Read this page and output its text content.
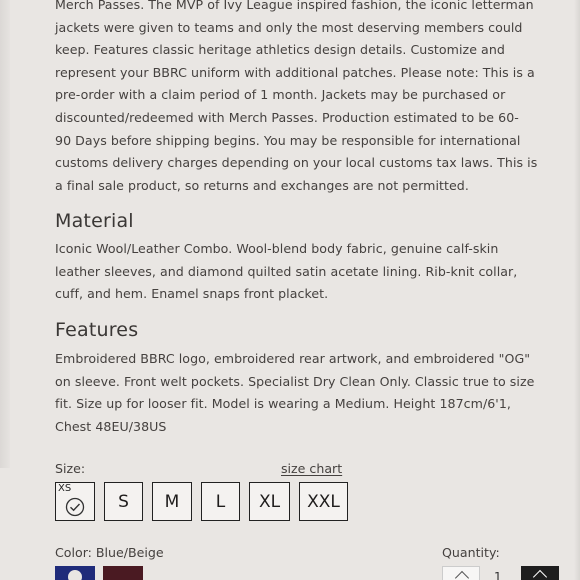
Merch Passes. The MVP of Ivy League inspired fashion, the iconic letterman
jackets were given to teams and only the most deserving members could
keep. Features classic heritage athletics design details. Customize and
represent your BBRC uniform with additional patches. Please note: This is a
pre-order with a claim period of 1 month. Jackets may be purchased or
discounted/redeemed with Merch Passes. Production estimated to be 60-
90 Days before shipping begins. You may be responsible for international
customs delivery charges depending on your local customs tax laws. This is
a final sale product, so returns and exchanges are not permitted.
Material
Iconic Wool/Leather Combo. Wool-blend body fabric, genuine calf-skin
leather sleeves, and diamond quilted satin acetate lining. Rib-knit collar,
cuff, and hem. Enamel snaps front placket.
Features
Embroidered BBRC logo, embroidered rear artwork, and embroidered "OG"
on sleeve. Front welt pockets. Specialist Dry Clean Only. Classic true to size
fit. Size up for looser fit. Model is wearing a Medium. Height 187cm/6'1,
Chest 48EU/38US
Size:	size chart
XS
S M L XL XXL
Color: Blue/Beige	Quantity:
1
